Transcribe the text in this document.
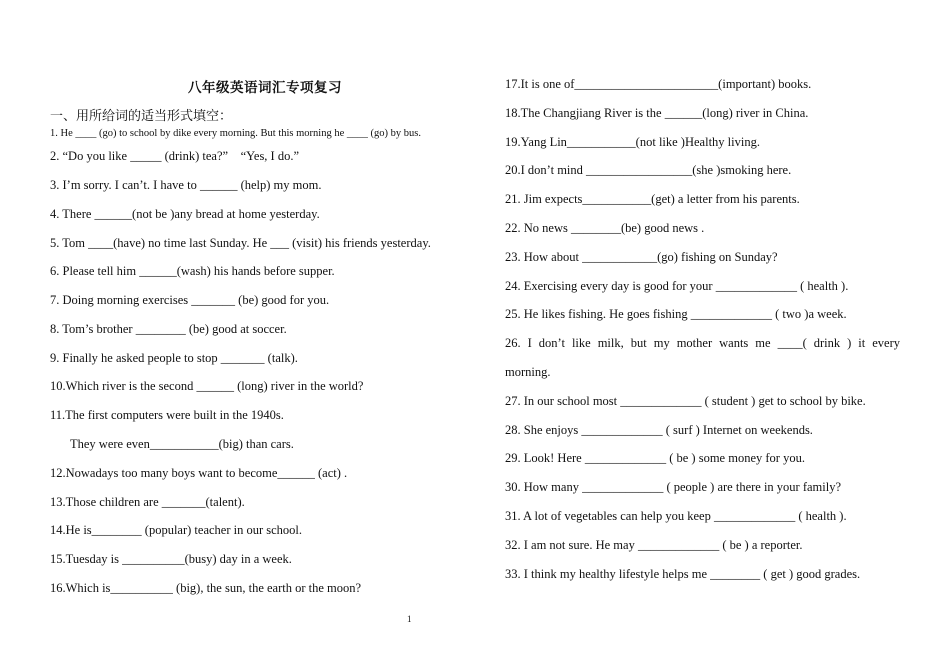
八年级英语词汇专项复习
一、用所给词的适当形式填空：
1. He ____ (go) to school by dike every morning. But this morning he ____ (go) by bus.
2. “Do you like _____ (drink) tea?”　“Yes, I do.”
3. I’m sorry. I can’t. I have to ______ (help) my mom.
4. There ______(not be )any bread at home yesterday.
5. Tom ____(have) no time last Sunday. He ___ (visit) his friends yesterday.
6. Please tell him ______(wash) his hands before supper.
7. Doing morning exercises _______ (be) good for you.
8. Tom’s brother ________ (be) good at soccer.
9. Finally he asked people to stop _______ (talk).
10.Which river is the second ______ (long) river in the world?
11.The first computers were built in the 1940s.
They were even___________(big) than cars.
12.Nowadays too many boys want to become______ (act) .
13.Those children are _______(talent).
14.He is________ (popular) teacher in our school.
15.Tuesday is __________(busy) day in a week.
16.Which is__________ (big), the sun, the earth or the moon?
17.It is one of_______________________(important) books.
18.The Changjiang River is the ______(long) river in China.
19.Yang Lin___________(not like )Healthy living.
20.I don’t mind _________________(she )smoking here.
21. Jim expects___________(get) a letter from his parents.
22. No news ________(be) good news .
23. How about ____________(go) fishing on Sunday?
24. Exercising every day is good for your _____________ ( health ).
25. He likes fishing. He goes fishing _____________ ( two )a week.
26. I don’t like milk, but my mother wants me ____( drink ) it every
morning.
27. In our school most _____________ ( student ) get to school by bike.
28. She enjoys _____________ ( surf ) Internet on weekends.
29. Look! Here _____________ ( be ) some money for you.
30. How many _____________ ( people ) are there in your family?
31. A lot of vegetables can help you keep _____________ ( health ).
32. I am not sure. He may _____________ ( be ) a reporter.
33. I think my healthy lifestyle helps me ________ ( get ) good grades.
1
